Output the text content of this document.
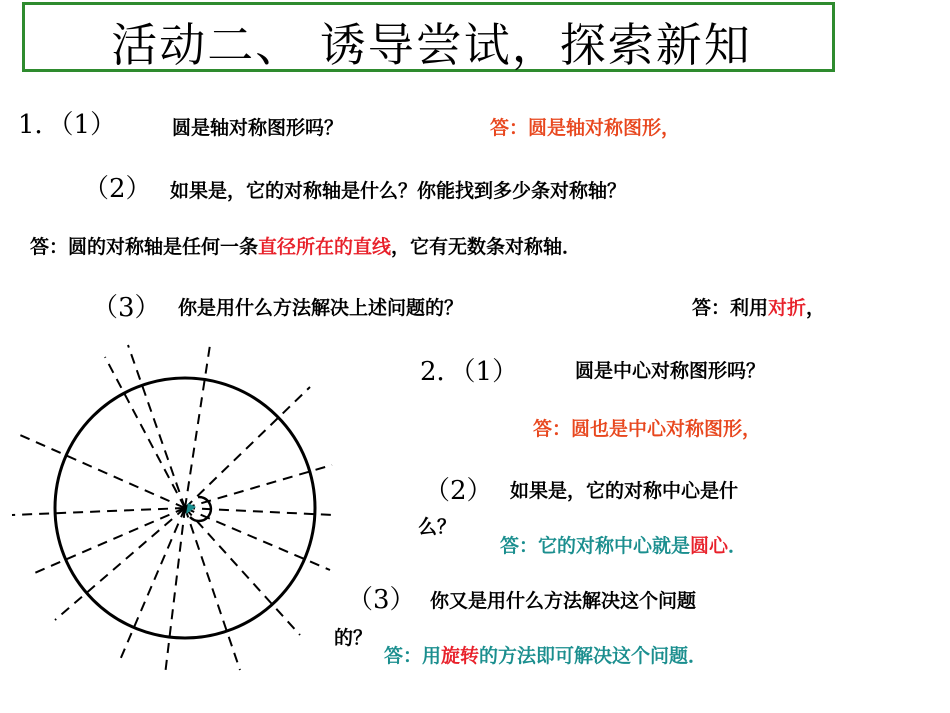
活动二、 诱导尝试，探索新知
1．（1）	圆是轴对称图形吗？	答：圆是轴对称图形，
（2） 如果是，它的对称轴是什么？你能找到多少条对称轴？
答：圆的对称轴是任何一条直径所在的直线，它有无数条对称轴．
（3） 你是用什么方法解决上述问题的？	答：利用对折，
2．（1）	圆是中心对称图形吗？
答：圆也是中心对称图形，
（2） 如果是，它的对称中心是什
么？
答：它的对称中心就是圆心．
（3） 你又是用什么方法解决这个问题
的？
答：用旋转的方法即可解决这个问题．
